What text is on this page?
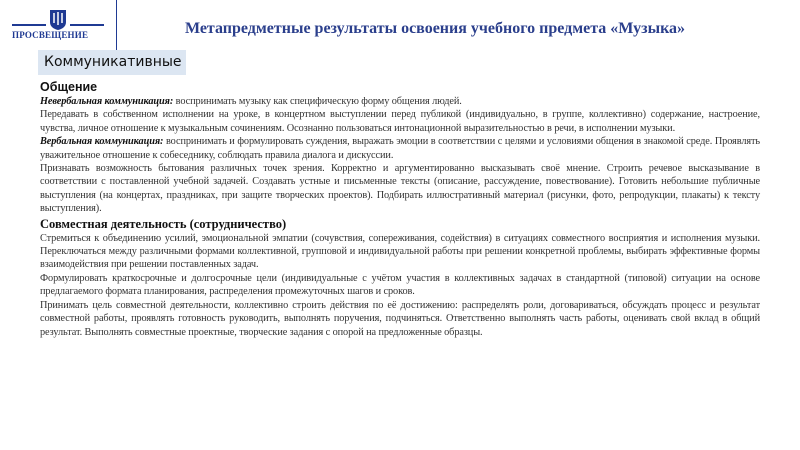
ПРОСВЕЩЕНИЕ	Метапредметные результаты освоения учебного предмета «Музыка»
Коммуникативные
Общение

Невербальная коммуникация: воспринимать музыку как специфическую форму общения людей.

Передавать в собственном исполнении на уроке, в концертном выступлении перед публикой (индивидуально, в группе, коллективно) содержание, настроение, чувства, личное отношение к музыкальным сочинениям. Осознанно пользоваться интонационной выразительностью в речи, в исполнении музыки.

Вербальная коммуникация: воспринимать и формулировать суждения, выражать эмоции в соответствии с целями и условиями общения в знакомой среде. Проявлять уважительное отношение к собеседнику, соблюдать правила диалога и дискуссии.

Признавать возможность бытования различных точек зрения. Корректно и аргументированно высказывать своё мнение. Строить речевое высказывание в соответствии с поставленной учебной задачей. Создавать устные и письменные тексты (описание, рассуждение, повествование). Готовить небольшие публичные выступления (на концертах, праздниках, при защите творческих проектов). Подбирать иллюстративный материал (рисунки, фото, репродукции, плакаты) к тексту выступления).

Совместная деятельность (сотрудничество)

Стремиться к объединению усилий, эмоциональной эмпатии (сочувствия, сопереживания, содействия) в ситуациях совместного восприятия и исполнения музыки. Переключаться между различными формами коллективной, групповой и индивидуальной работы при решении конкретной проблемы, выбирать эффективные формы взаимодействия при решении поставленных задач.

Формулировать краткосрочные и долгосрочные цели (индивидуальные с учётом участия в коллективных задачах в стандартной (типовой) ситуации на основе предлагаемого формата планирования, распределения промежуточных шагов и сроков.

Принимать цель совместной деятельности, коллективно строить действия по её достижению: распределять роли, договариваться, обсуждать процесс и результат совместной работы, проявлять готовность руководить, выполнять поручения, подчиняться. Ответственно выполнять часть работы, оценивать свой вклад в общий результат. Выполнять совместные проектные, творческие задания с опорой на предложенные образцы.
